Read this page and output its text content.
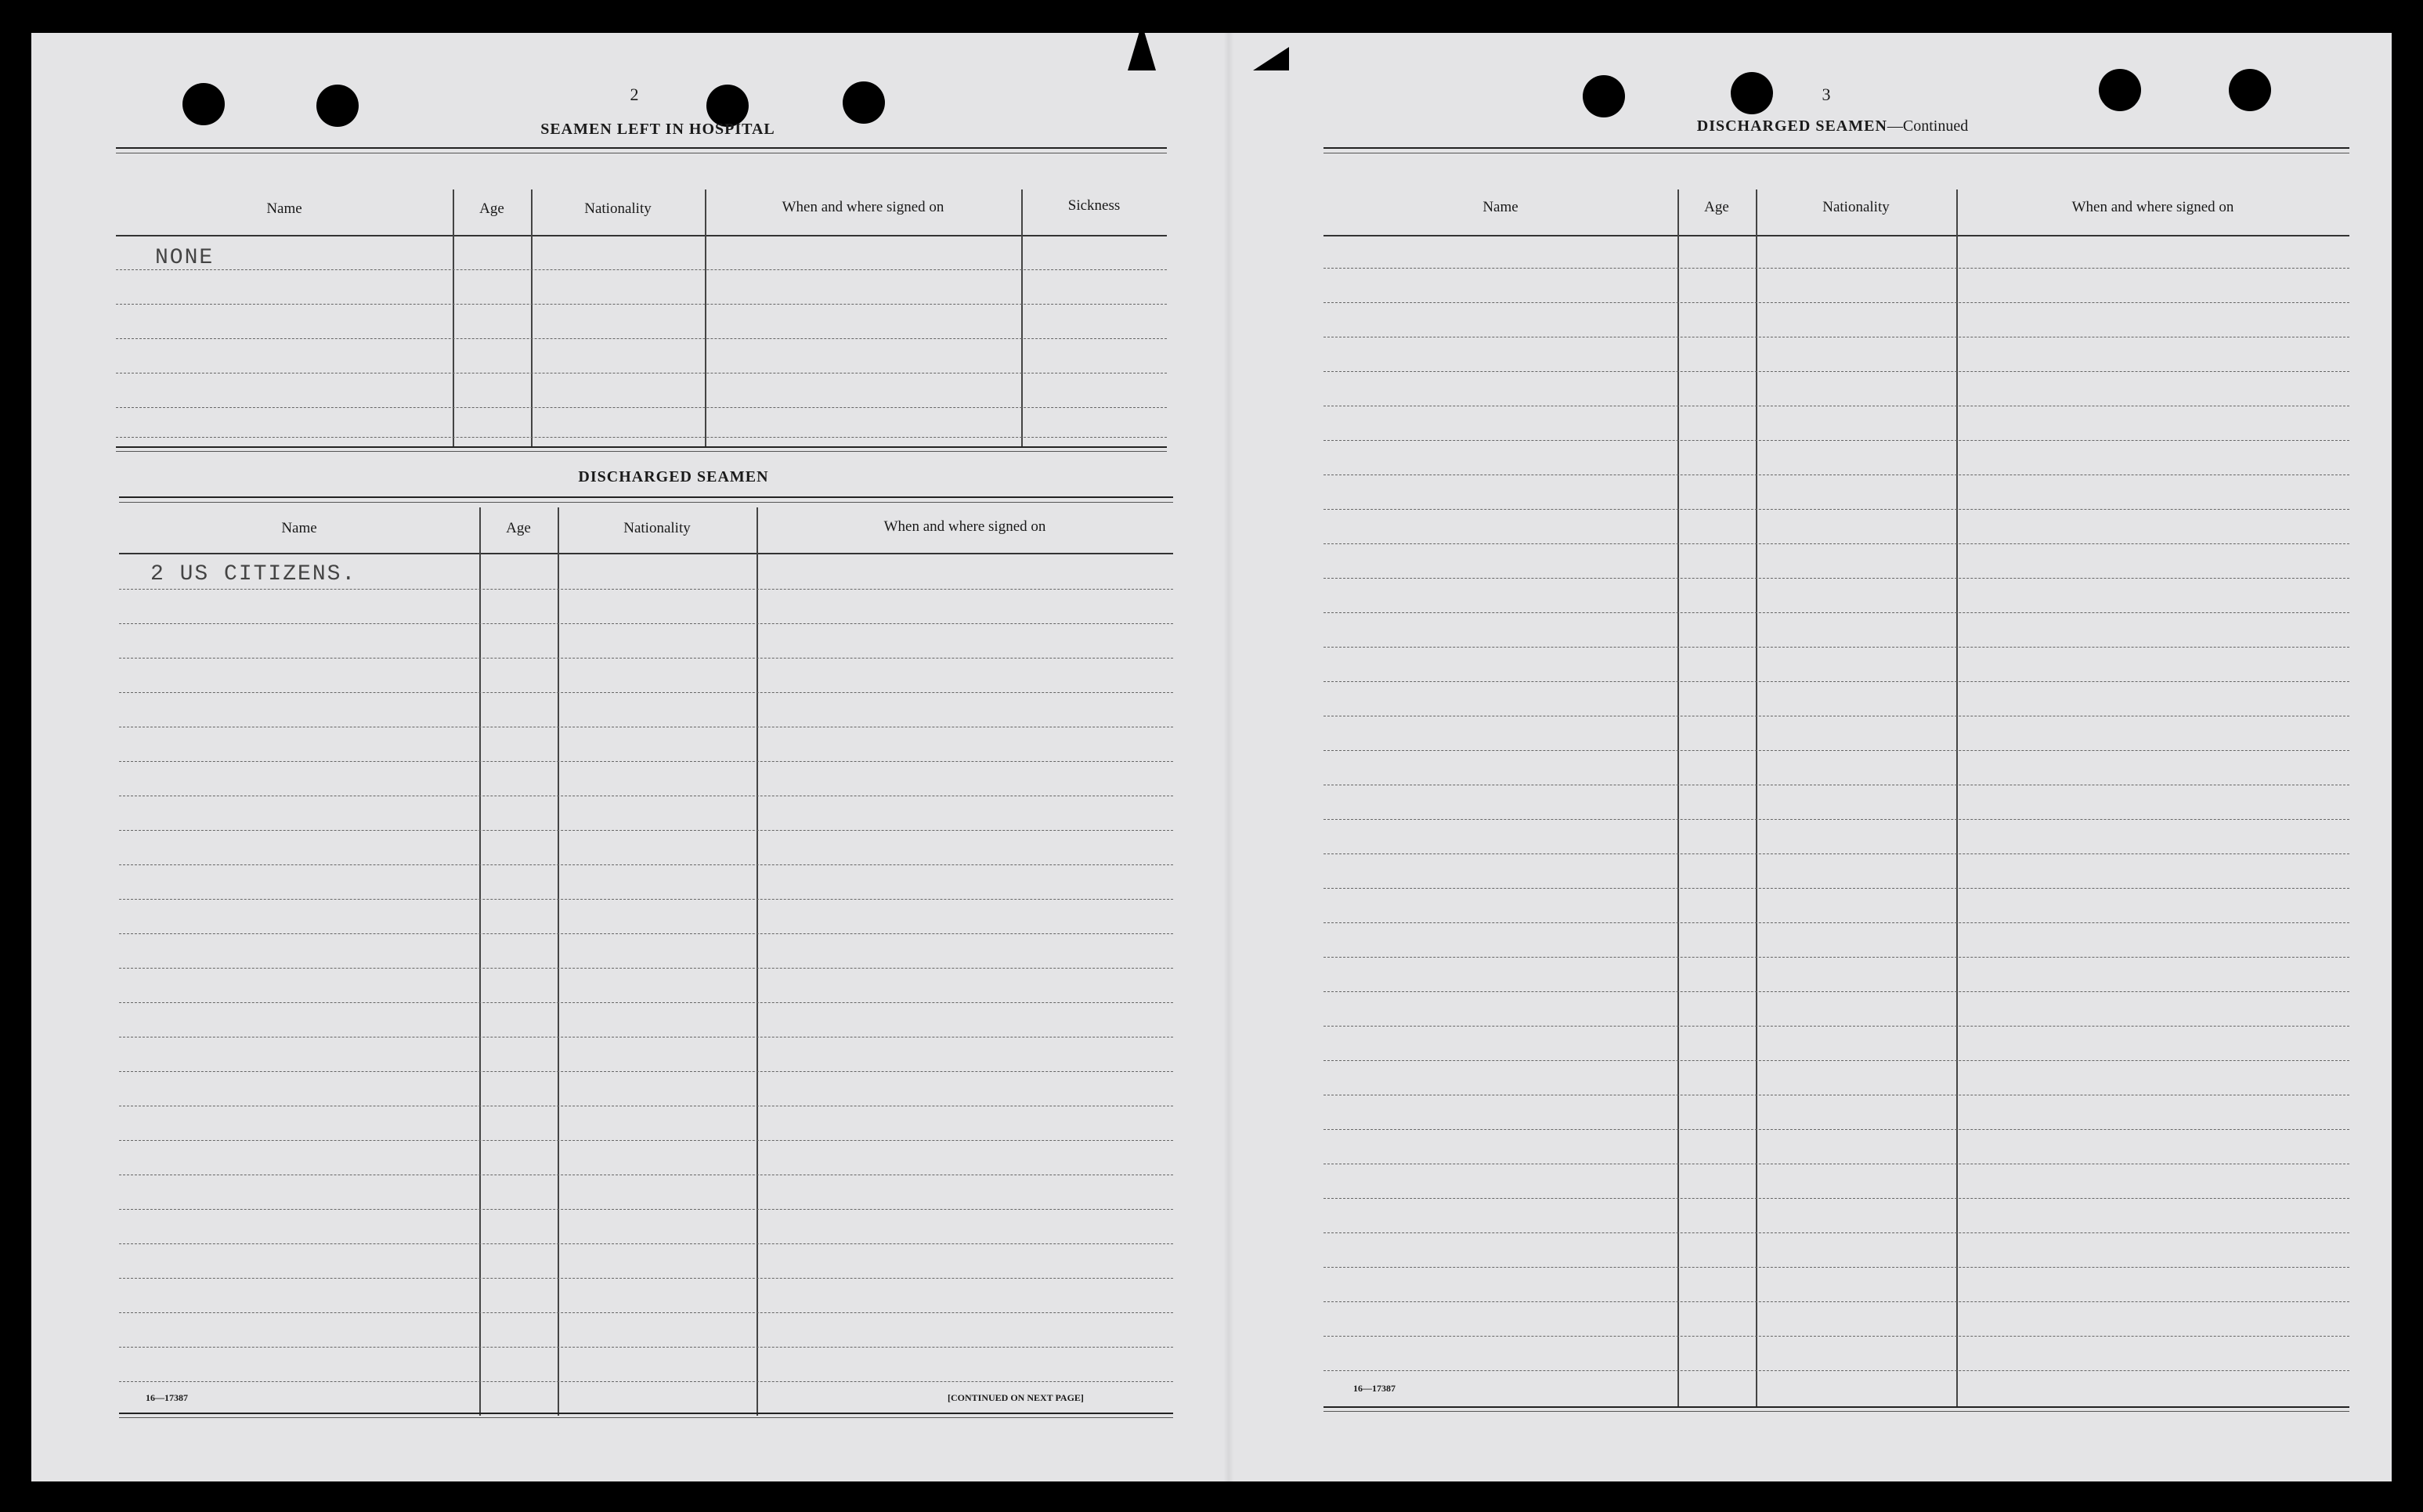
2
SEAMEN LEFT IN HOSPITAL
Name	Age	Nationality	When and where signed on	Sickness
NONE
DISCHARGED SEAMEN
Name	Age	Nationality	When and where signed on
2 US CITIZENS.
16—17387	[CONTINUED ON NEXT PAGE]
3
DISCHARGED SEAMEN—Continued
Name	Age	Nationality	When and where signed on
16—17387
